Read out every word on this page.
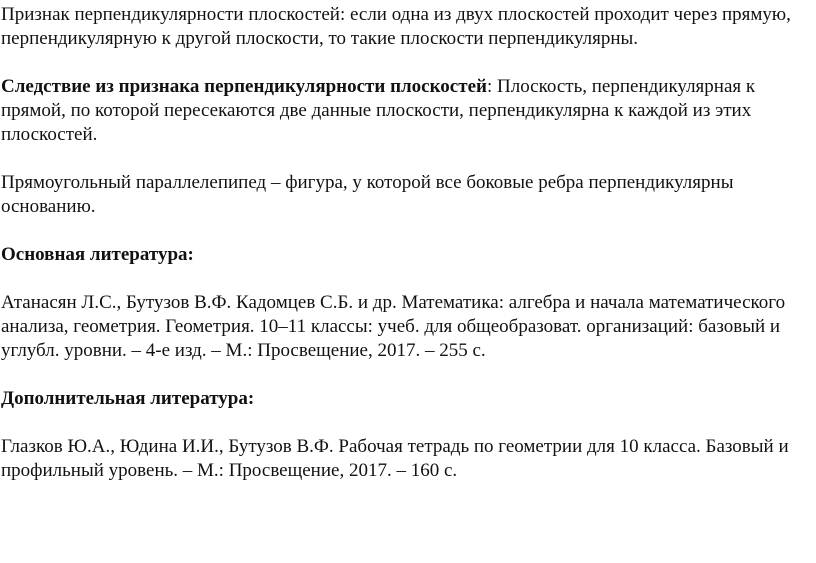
Признак перпендикулярности плоскостей: если одна из двух плоскостей проходит через прямую, перпендикулярную к другой плоскости, то такие плоскости перпендикулярны.

Следствие из признака перпендикулярности плоскостей: Плоскость, перпендикулярная к прямой, по которой пересекаются две данные плоскости, перпендикулярна к каждой из этих плоскостей.

Прямоугольный параллелепипед – фигура, у которой все боковые ребра перпендикулярны основанию.

Основная литература:

Атанасян Л.С., Бутузов В.Ф. Кадомцев С.Б. и др. Математика: алгебра и начала математического анализа, геометрия. Геометрия. 10–11 классы: учеб. для общеобразоват. организаций: базовый и углубл. уровни. – 4-е изд. – М.: Просвещение, 2017. – 255 с.

Дополнительная литература:

Глазков Ю.А., Юдина И.И., Бутузов В.Ф. Рабочая тетрадь по геометрии для 10 класса. Базовый и профильный уровень. – М.: Просвещение, 2017. – 160 с.
